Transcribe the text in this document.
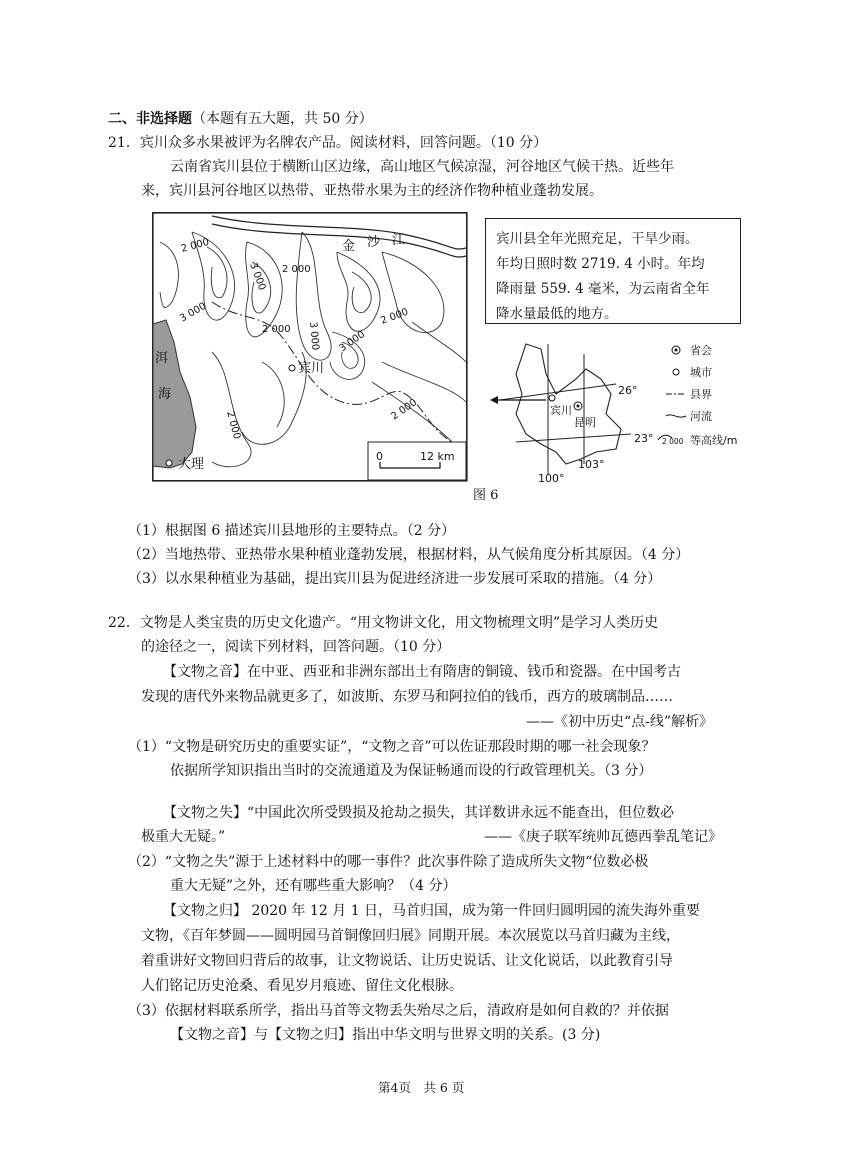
二、非选择题（本题有五大题，共 50 分）
21．宾川众多水果被评为名牌农产品。阅读材料，回答问题。（10 分）
云南省宾川县位于横断山区边缘，高山地区气候凉湿，河谷地区气候干热。近些年
来，宾川县河谷地区以热带、亚热带水果为主的经济作物种植业蓬勃发展。
2 000
3 000 2 000
3 000
2 000 3 000
2 000
3 000
2 000
2 000
金 沙 江
洱
海
宾川
大理
0	12 km
宾川县全年光照充足，干旱少雨。
年均日照时数 2719. 4 小时。年均
降雨量 559. 4 毫米，为云南省全年
降水量最低的地方。
宾川
昆明
26°
23°
103°
100°
省会
城市
县界
河流
2 000 等高线/m
图 6
（1）根据图 6 描述宾川县地形的主要特点。（2 分）
（2）当地热带、亚热带水果种植业蓬勃发展，根据材料，从气候角度分析其原因。（4 分）
（3）以水果种植业为基础，提出宾川县为促进经济进一步发展可采取的措施。（4 分）
22．文物是人类宝贵的历史文化遗产。“用文物讲文化，用文物梳理文明”是学习人类历史
的途径之一，阅读下列材料，回答问题。（10 分）
【文物之音】在中亚、西亚和非洲东部出土有隋唐的铜镜、钱币和瓷器。在中国考古
发现的唐代外来物品就更多了，如波斯、东罗马和阿拉伯的钱币，西方的玻璃制品……
——《初中历史“点-线”解析》
（1）“文物是研究历史的重要实证”，“文物之音”可以佐证那段时期的哪一社会现象？
依据所学知识指出当时的交流通道及为保证畅通而设的行政管理机关。（3 分）
【文物之失】“中国此次所受毁损及抢劫之损失，其详数讲永远不能查出，但位数必
极重大无疑。”	——《庚子联军统帅瓦德西拳乱笔记》
（2）“文物之失”源于上述材料中的哪一事件？此次事件除了造成所失文物“位数必极
重大无疑”之外，还有哪些重大影响？（4 分）
【文物之归】 2020 年 12 月 1 日，马首归国，成为第一件回归圆明园的流失海外重要
文物，《百年梦圆——圆明园马首铜像回归展》同期开展。本次展览以马首归藏为主线，
着重讲好文物回归背后的故事，让文物说话、让历史说话、让文化说话，以此教育引导
人们铭记历史沧桑、看见岁月痕迹、留住文化根脉。
（3）依据材料联系所学，指出马首等文物丢失殆尽之后，清政府是如何自救的？并依据
【文物之音】与【文物之归】指出中华文明与世界文明的关系。(3 分)
第4页　共 6 页
